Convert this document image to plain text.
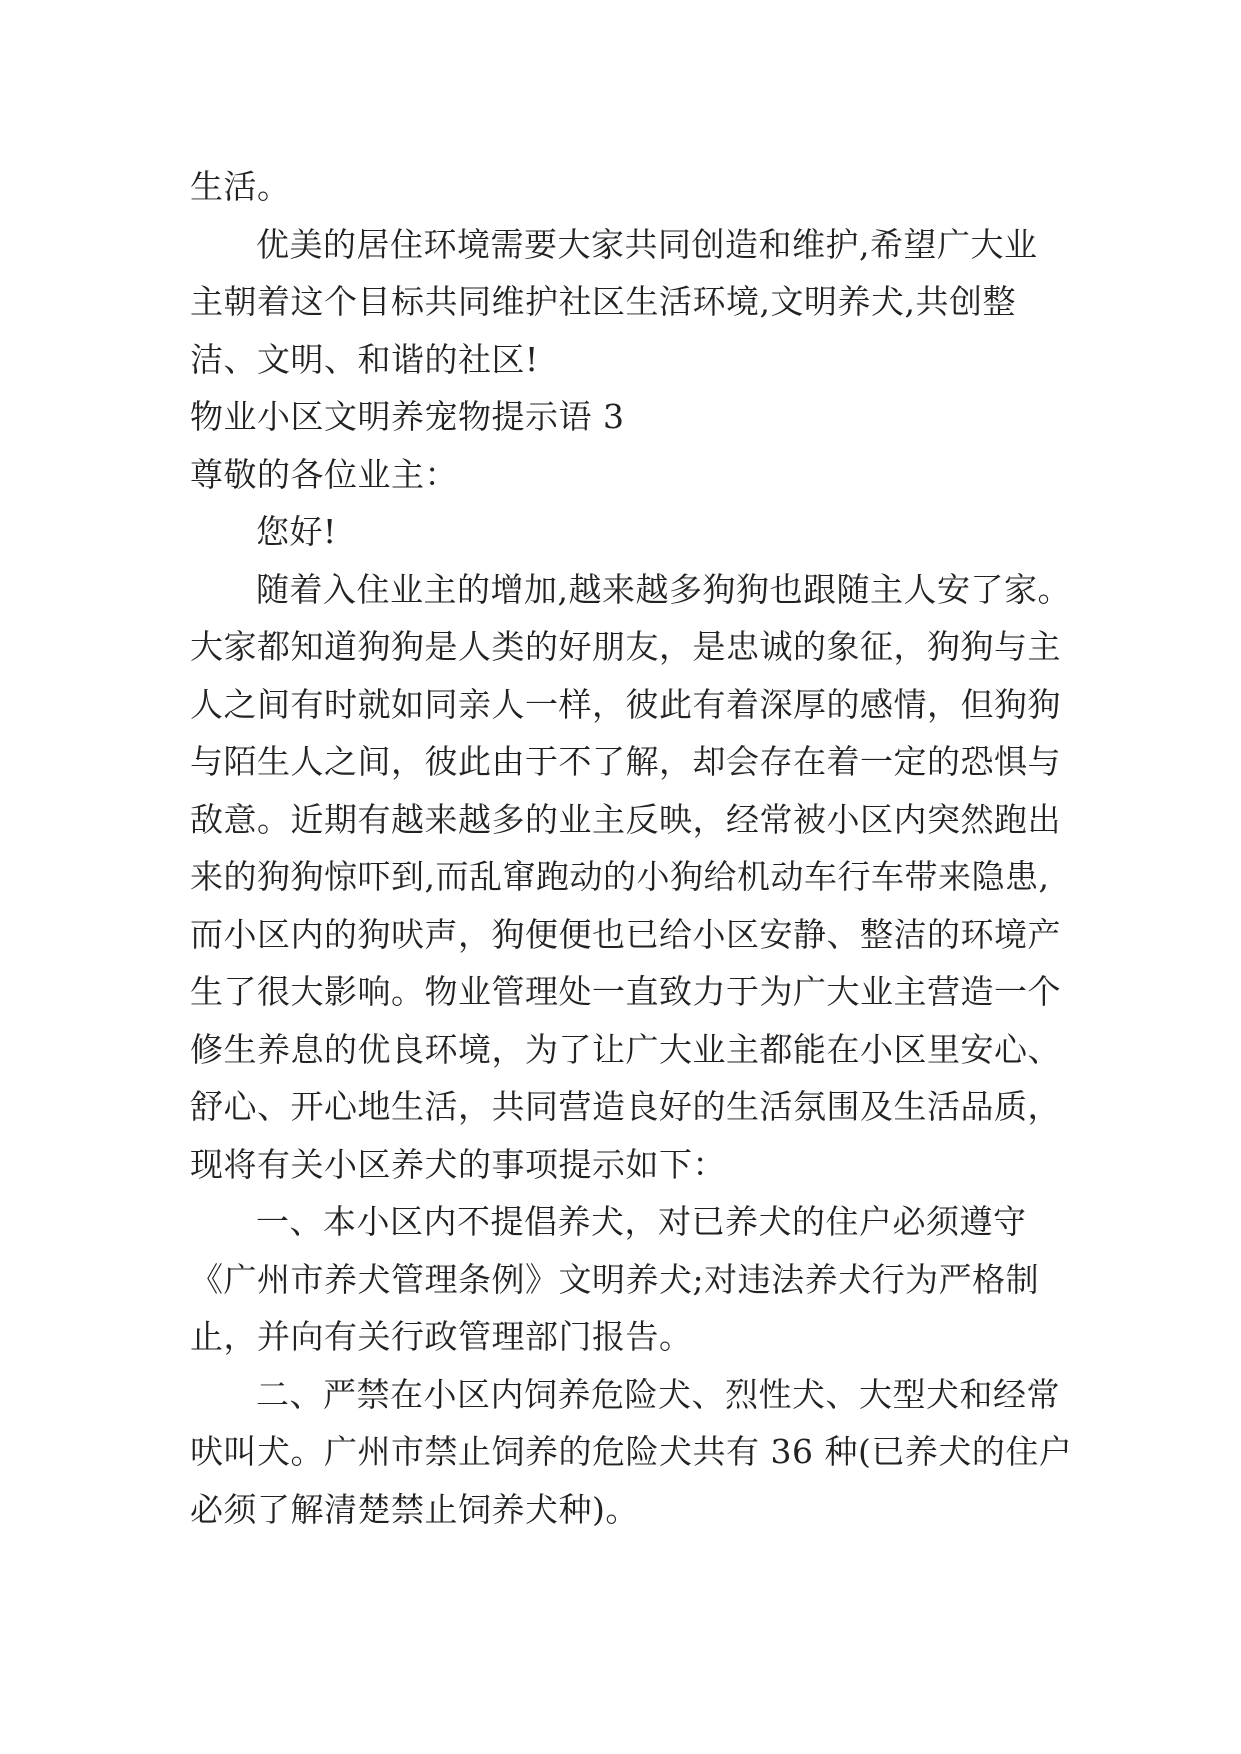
生活。
优美的居住环境需要大家共同创造和维护,希望广大业
主朝着这个目标共同维护社区生活环境,文明养犬,共创整
洁、文明、和谐的社区!
物业小区文明养宠物提示语 3
尊敬的各位业主：
您好!
随着入住业主的增加,越来越多狗狗也跟随主人安了家。
大家都知道狗狗是人类的好朋友，是忠诚的象征，狗狗与主
人之间有时就如同亲人一样，彼此有着深厚的感情，但狗狗
与陌生人之间，彼此由于不了解，却会存在着一定的恐惧与
敌意。近期有越来越多的业主反映，经常被小区内突然跑出
来的狗狗惊吓到,而乱窜跑动的小狗给机动车行车带来隐患,
而小区内的狗吠声，狗便便也已给小区安静、整洁的环境产
生了很大影响。物业管理处一直致力于为广大业主营造一个
修生养息的优良环境，为了让广大业主都能在小区里安心、
舒心、开心地生活，共同营造良好的生活氛围及生活品质，
现将有关小区养犬的事项提示如下：
一、本小区内不提倡养犬，对已养犬的住户必须遵守
《广州市养犬管理条例》文明养犬;对违法养犬行为严格制
止，并向有关行政管理部门报告。
二、严禁在小区内饲养危险犬、烈性犬、大型犬和经常
吠叫犬。广州市禁止饲养的危险犬共有 36 种(已养犬的住户
必须了解清楚禁止饲养犬种)。
